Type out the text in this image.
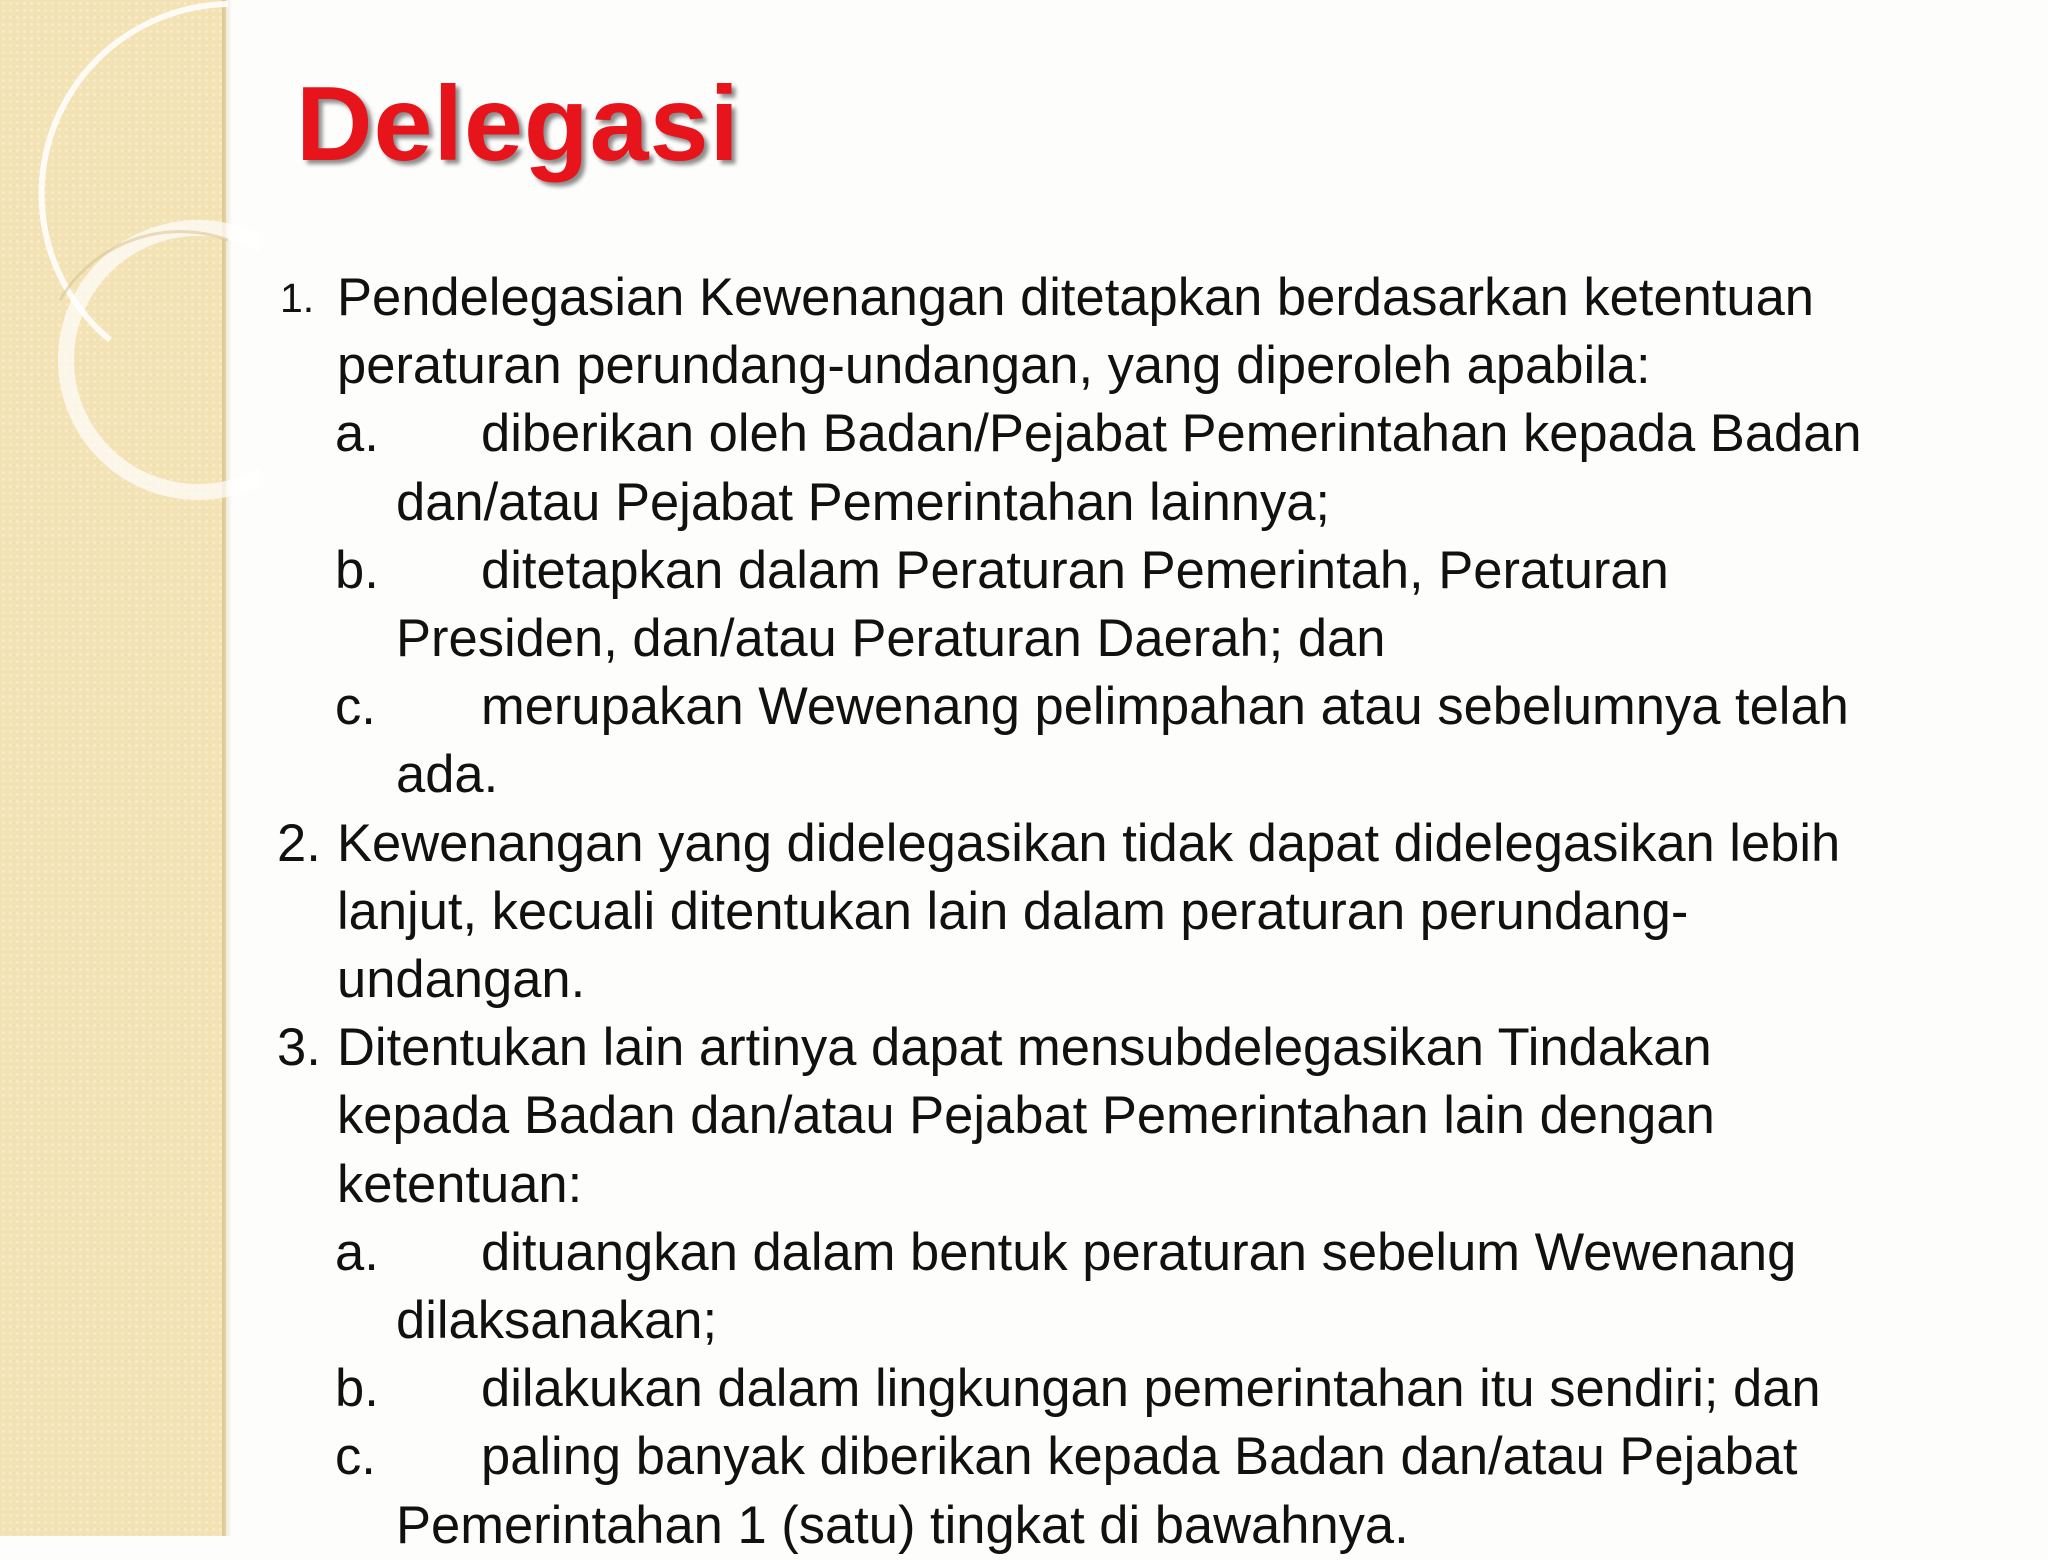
Delegasi
1. Pendelegasian Kewenangan ditetapkan berdasarkan ketentuan
peraturan perundang-undangan, yang diperoleh apabila:
a.	diberikan oleh Badan/Pejabat Pemerintahan kepada Badan
dan/atau Pejabat Pemerintahan lainnya;
b.	ditetapkan dalam Peraturan Pemerintah, Peraturan
Presiden, dan/atau Peraturan Daerah; dan
c.	merupakan Wewenang pelimpahan atau sebelumnya telah
ada.
2. Kewenangan yang didelegasikan tidak dapat didelegasikan lebih
lanjut, kecuali ditentukan lain dalam peraturan perundang-
undangan.
3. Ditentukan lain artinya dapat mensubdelegasikan Tindakan
kepada Badan dan/atau Pejabat Pemerintahan lain dengan
ketentuan:
a.	dituangkan dalam bentuk peraturan sebelum Wewenang
dilaksanakan;
b.	dilakukan dalam lingkungan pemerintahan itu sendiri; dan
c.	paling banyak diberikan kepada Badan dan/atau Pejabat
Pemerintahan 1 (satu) tingkat di bawahnya.
